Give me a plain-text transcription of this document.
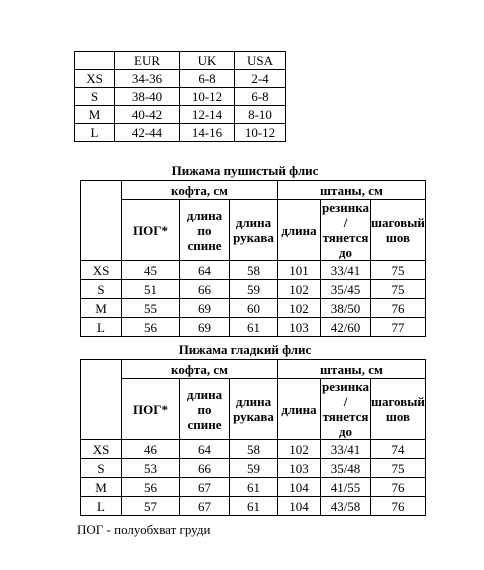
	EUR	UK	USA
XS	34-36	6-8	2-4
S	38-40	10-12	6-8
M	40-42	12-14	8-10
L	42-44	14-16	10-12
Пижама пушистый флис
	кофта, см			штаны, см		
	ПОГ*	длина по спине	длина рукава	длина	резинка /тянется до	шаговый шов
XS	45	64	58	101	33/41	75
S	51	66	59	102	35/45	75
M	55	69	60	102	38/50	76
L	56	69	61	103	42/60	77
Пижама гладкий флис
	кофта, см			штаны, см		
	ПОГ*	длина по спине	длина рукава	длина	резинка /тянется до	шаговый шов
XS	46	64	58	102	33/41	74
S	53	66	59	103	35/48	75
M	56	67	61	104	41/55	76
L	57	67	61	104	43/58	76
ПОГ - полуобхват груди
